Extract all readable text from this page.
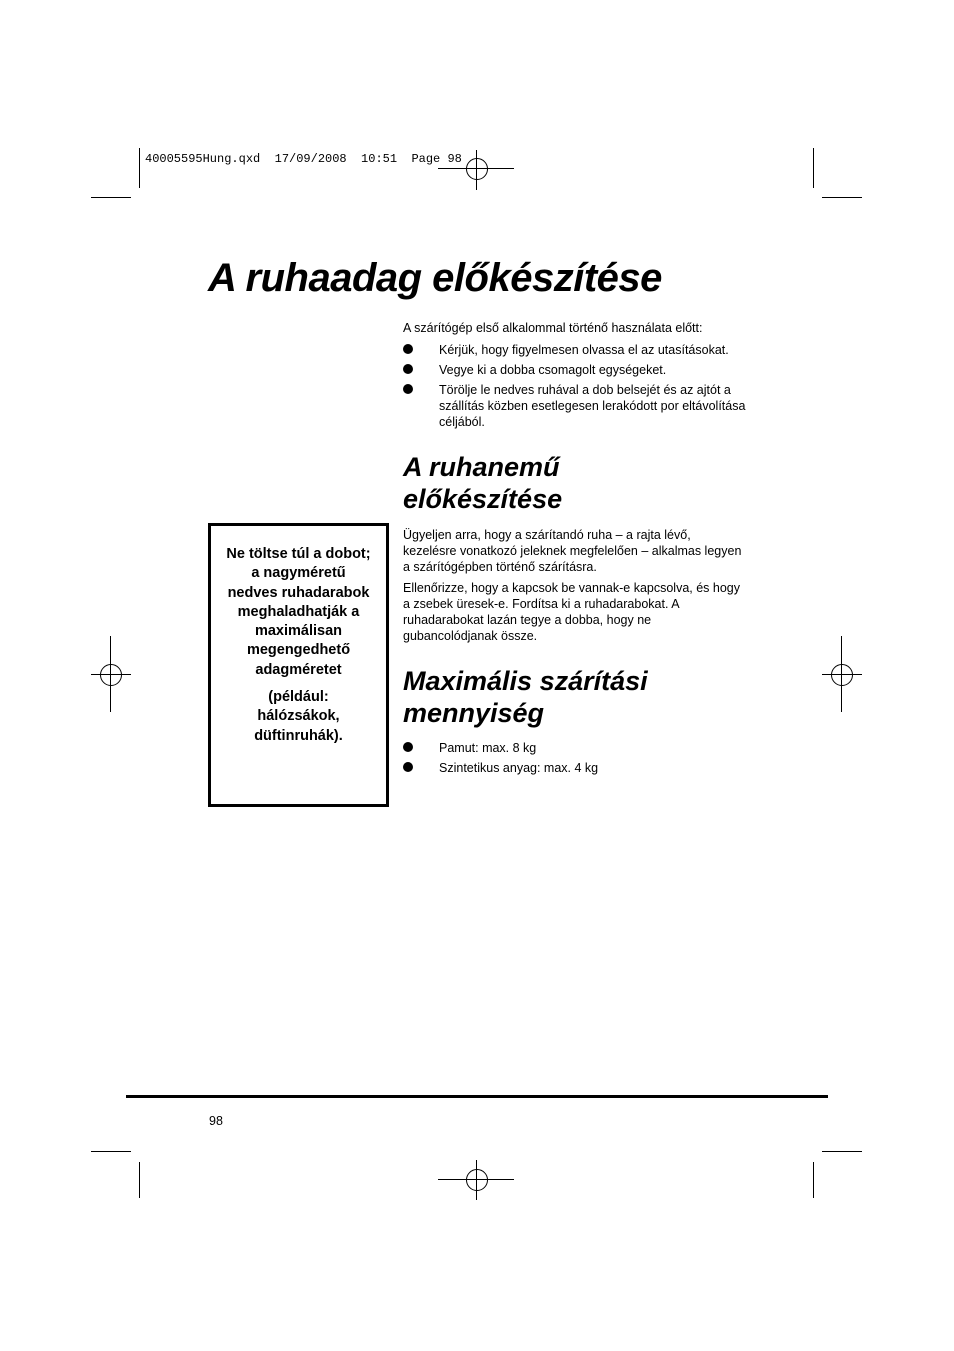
40005595Hung.qxd  17/09/2008  10:51  Page 98
A ruhaadag előkészítése
A szárítógép első alkalommal történő használata előtt:
Kérjük, hogy figyelmesen olvassa el az utasításokat.
Vegye ki a dobba csomagolt egységeket.
Törölje le nedves ruhával a dob belsejét és az ajtót a szállítás közben esetlegesen lerakódott por eltávolítása céljából.
A ruhanemű
előkészítése

Ügyeljen arra, hogy a szárítandó ruha – a rajta lévő, kezelésre vonatkozó jeleknek megfelelően – alkalmas legyen a szárítógépben történő szárításra.

Ellenőrizze, hogy a kapcsok be vannak-e kapcsolva, és hogy a zsebek üresek-e. Fordítsa ki a ruhadarabokat. A ruhadarabokat lazán tegye a dobba, hogy ne gubancolódjanak össze.

Maximális szárítási
mennyiség
Pamut: max. 8 kg
Szintetikus anyag: max. 4 kg

Ne töltse túl a dobot; a nagyméretű nedves ruhadarabok meghaladhatják a maximálisan megengedhető adagméretet

(például: hálózsákok, düftinruhák).

98
